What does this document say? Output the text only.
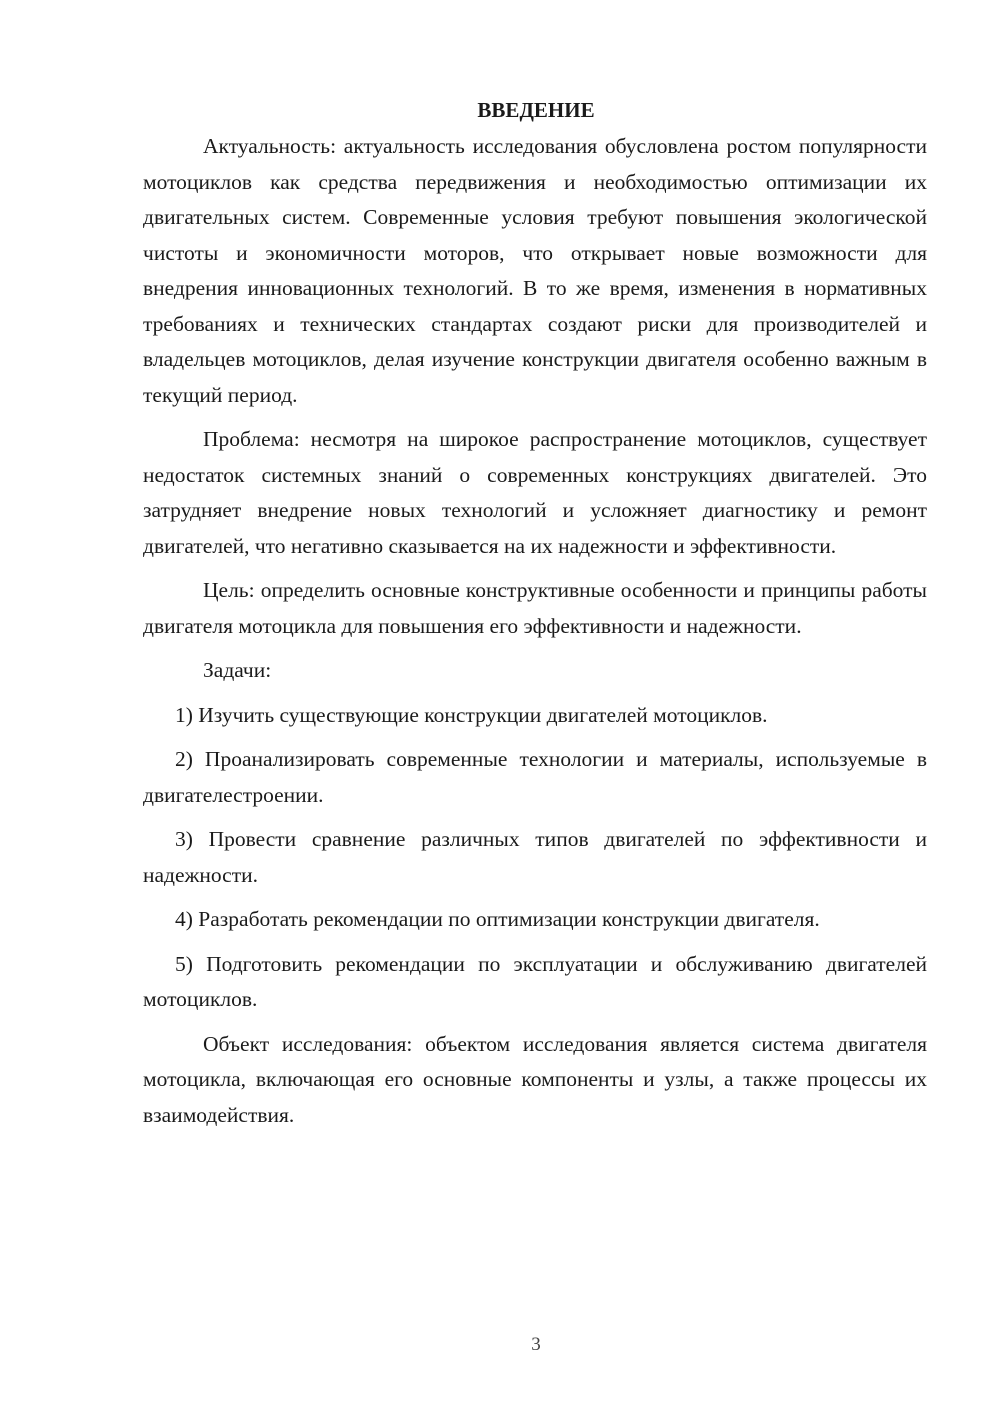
ВВЕДЕНИЕ

Актуальность: актуальность исследования обусловлена ростом популярности мотоциклов как средства передвижения и необходимостью оптимизации их двигательных систем. Современные условия требуют повышения экологической чистоты и экономичности моторов, что открывает новые возможности для внедрения инновационных технологий. В то же время, изменения в нормативных требованиях и технических стандартах создают риски для производителей и владельцев мотоциклов, делая изучение конструкции двигателя особенно важным в текущий период.

Проблема: несмотря на широкое распространение мотоциклов, существует недостаток системных знаний о современных конструкциях двигателей. Это затрудняет внедрение новых технологий и усложняет диагностику и ремонт двигателей, что негативно сказывается на их надежности и эффективности.

Цель: определить основные конструктивные особенности и принципы работы двигателя мотоцикла для повышения его эффективности и надежности.

Задачи:

1) Изучить существующие конструкции двигателей мотоциклов.

2) Проанализировать современные технологии и материалы, используемые в двигателестроении.

3) Провести сравнение различных типов двигателей по эффективности и надежности.

4) Разработать рекомендации по оптимизации конструкции двигателя.

5) Подготовить рекомендации по эксплуатации и обслуживанию двигателей мотоциклов.

Объект исследования: объектом исследования является система двигателя мотоцикла, включающая его основные компоненты и узлы, а также процессы их взаимодействия.

3
